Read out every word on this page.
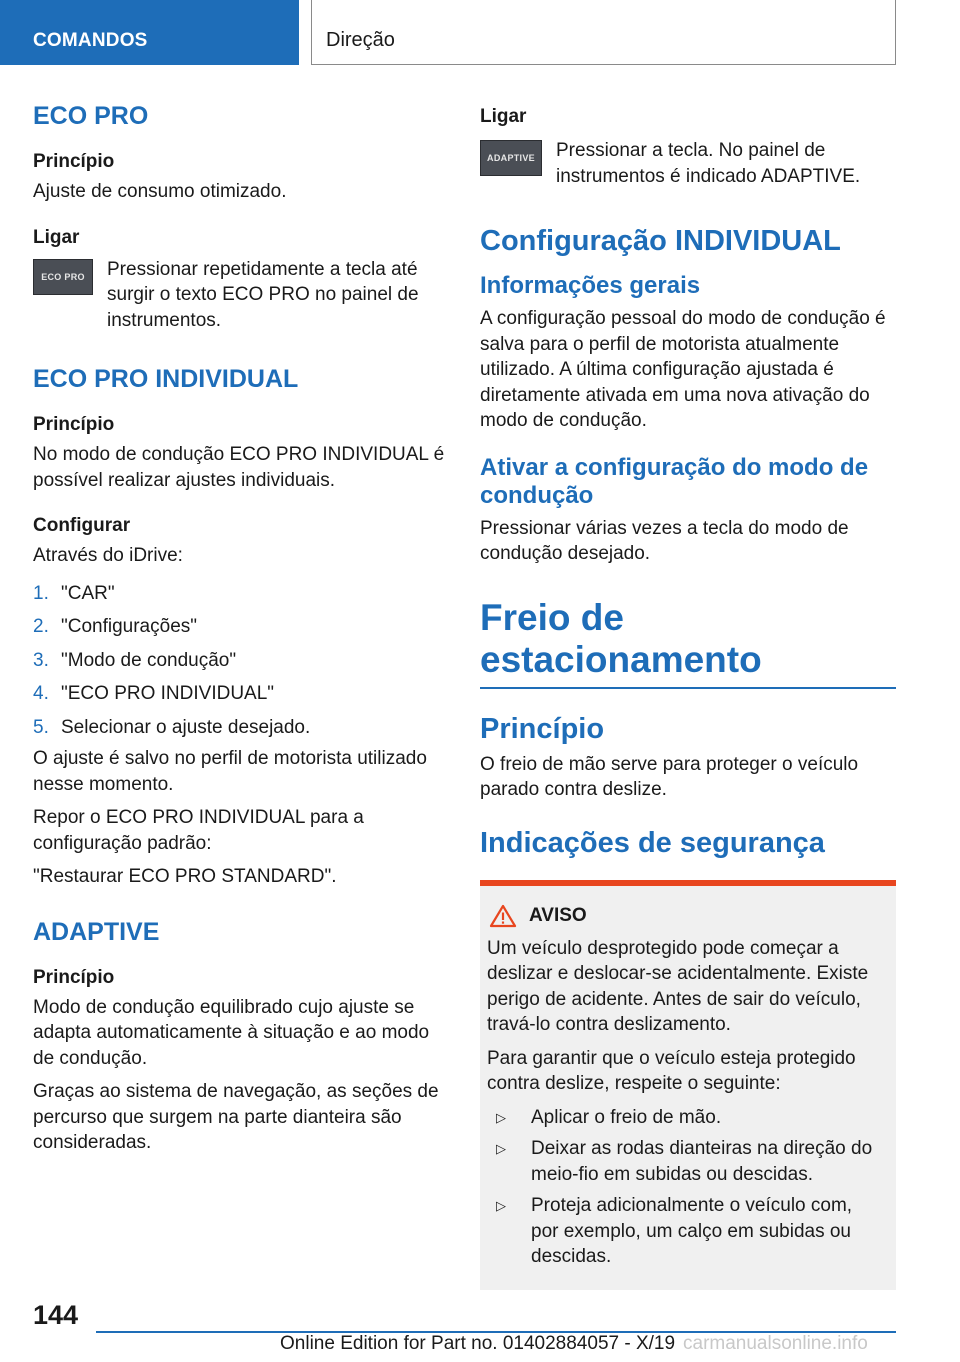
COMANDOS	Direção
ECO PRO
Princípio

Ajuste de consumo otimizado.

Ligar
ECO PRO Pressionar repetidamente a tecla até surgir o texto ECO PRO no painel de instrumentos.

ECO PRO INDIVIDUAL
Princípio

No modo de condução ECO PRO INDIVIDUAL é possível realizar ajustes individuais.

Configurar

Através do iDrive:

1. "CAR"
2. "Configurações"
3. "Modo de condução"
4. "ECO PRO INDIVIDUAL"
5. Selecionar o ajuste desejado.

O ajuste é salvo no perfil de motorista utilizado nesse momento.

Repor o ECO PRO INDIVIDUAL para a configuração padrão:

"Restaurar ECO PRO STANDARD".

ADAPTIVE
Princípio

Modo de condução equilibrado cujo ajuste se adapta automaticamente à situação e ao modo de condução.

Graças ao sistema de navegação, as seções de percurso que surgem na parte dianteira são consideradas.

Ligar
ADAPTIVE Pressionar a tecla. No painel de instrumentos é indicado ADAPTIVE.

Configuração INDIVIDUAL
Informações gerais

A configuração pessoal do modo de condução é salva para o perfil de motorista atualmente utilizado. A última configuração ajustada é diretamente ativada em uma nova ativação do modo de condução.

Ativar a configuração do modo de condução

Pressionar várias vezes a tecla do modo de condução desejado.

Freio de estacionamento
Princípio

O freio de mão serve para proteger o veículo parado contra deslize.

Indicações de segurança
AVISO

Um veículo desprotegido pode começar a deslizar e deslocar-se acidentalmente. Existe perigo de acidente. Antes de sair do veículo, travá-lo contra deslizamento.

Para garantir que o veículo esteja protegido contra deslize, respeite o seguinte:

▷	Aplicar o freio de mão.
▷	Deixar as rodas dianteiras na direção do meio-fio em subidas ou descidas.
▷	Proteja adicionalmente o veículo com, por exemplo, um calço em subidas ou descidas.
144
Online Edition for Part no. 01402884057 - X/19 carmanualsonline.info
